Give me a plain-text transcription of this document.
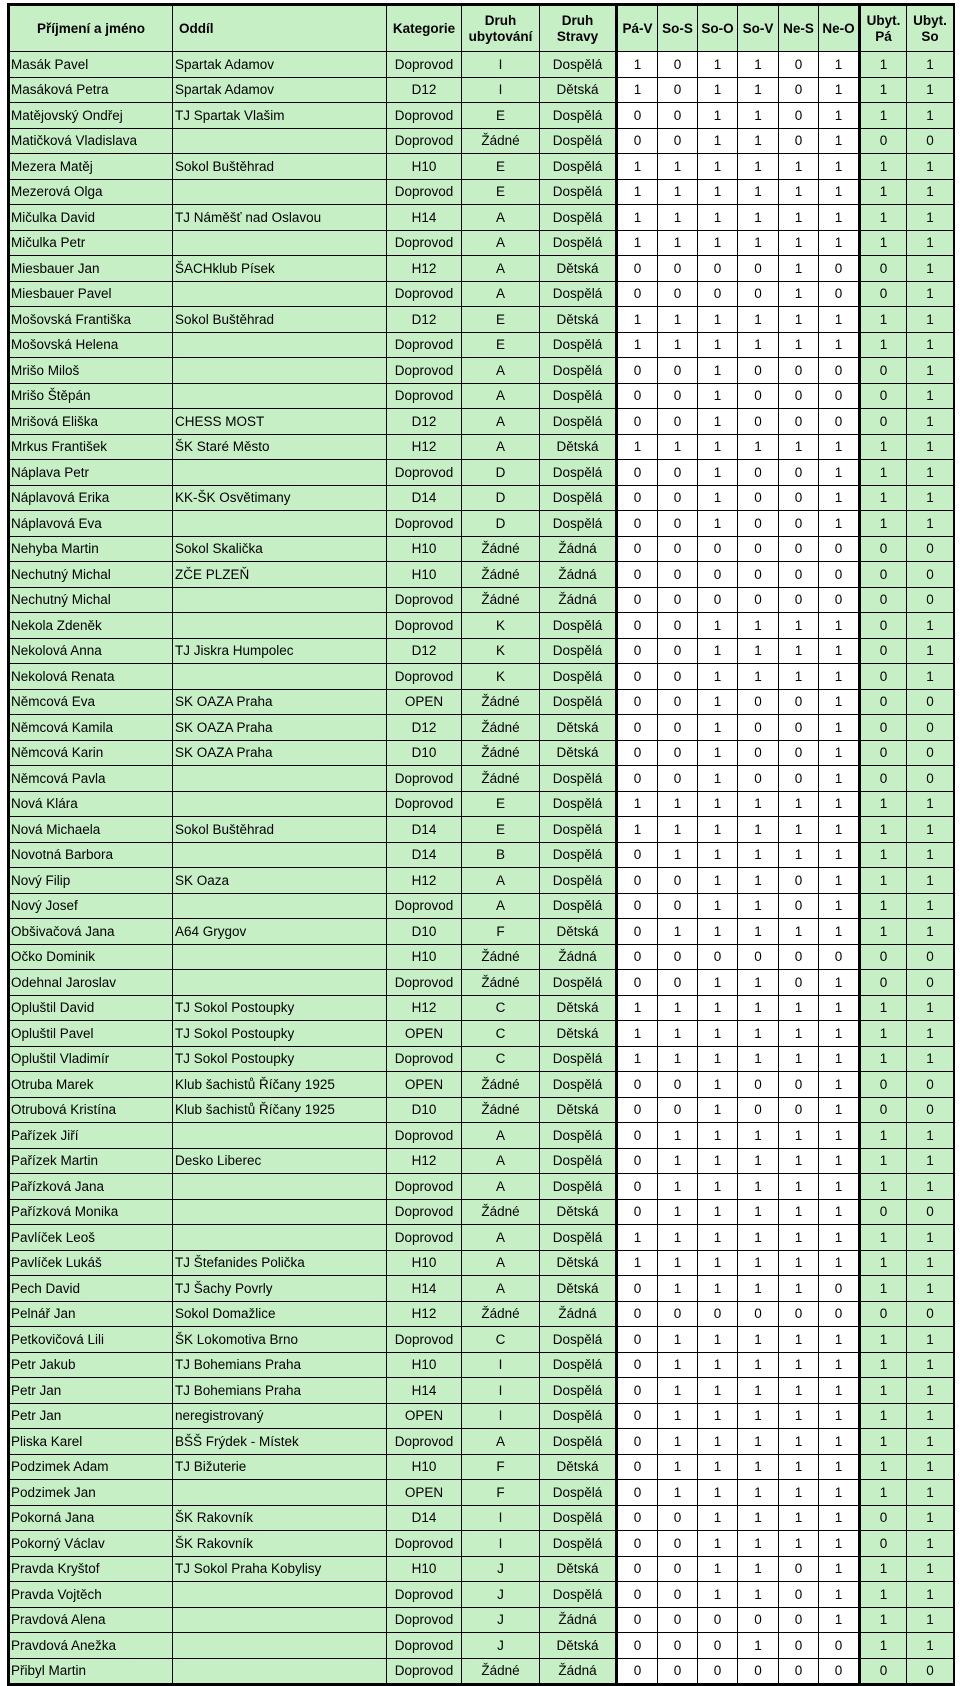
Příjmení a jméno	Oddíl	Kategorie	Druh ubytování	Druh Stravy	Pá-V	So-S	So-O	So-V	Ne-S	Ne-O	Ubyt. Pá	Ubyt. So
Masák Pavel	Spartak Adamov	Doprovod	I	Dospělá	1	0	1	1	0	1	1	1
Masáková Petra	Spartak Adamov	D12	I	Dětská	1	0	1	1	0	1	1	1
Matějovský Ondřej	TJ Spartak Vlašim	Doprovod	E	Dospělá	0	0	1	1	0	1	1	1
Matičková Vladislava		Doprovod	Žádné	Dospělá	0	0	1	1	0	1	0	0
Mezera Matěj	Sokol Buštěhrad	H10	E	Dospělá	1	1	1	1	1	1	1	1
Mezerová Olga		Doprovod	E	Dospělá	1	1	1	1	1	1	1	1
Mičulka David	TJ Náměšť nad Oslavou	H14	A	Dospělá	1	1	1	1	1	1	1	1
Mičulka Petr		Doprovod	A	Dospělá	1	1	1	1	1	1	1	1
Miesbauer Jan	ŠACHklub Písek	H12	A	Dětská	0	0	0	0	1	0	0	1
Miesbauer Pavel		Doprovod	A	Dospělá	0	0	0	0	1	0	0	1
Mošovská Františka	Sokol Buštěhrad	D12	E	Dětská	1	1	1	1	1	1	1	1
Mošovská Helena		Doprovod	E	Dospělá	1	1	1	1	1	1	1	1
Mrišo Miloš		Doprovod	A	Dospělá	0	0	1	0	0	0	0	1
Mrišo Štěpán		Doprovod	A	Dospělá	0	0	1	0	0	0	0	1
Mrišová Eliška	CHESS MOST	D12	A	Dospělá	0	0	1	0	0	0	0	1
Mrkus František	ŠK Staré Město	H12	A	Dětská	1	1	1	1	1	1	1	1
Náplava Petr		Doprovod	D	Dospělá	0	0	1	0	0	1	1	1
Náplavová Erika	KK-ŠK Osvětimany	D14	D	Dospělá	0	0	1	0	0	1	1	1
Náplavová Eva		Doprovod	D	Dospělá	0	0	1	0	0	1	1	1
Nehyba Martin	Sokol Skalička	H10	Žádné	Žádná	0	0	0	0	0	0	0	0
Nechutný Michal	ZČE PLZEŇ	H10	Žádné	Žádná	0	0	0	0	0	0	0	0
Nechutný Michal		Doprovod	Žádné	Žádná	0	0	0	0	0	0	0	0
Nekola Zdeněk		Doprovod	K	Dospělá	0	0	1	1	1	1	0	1
Nekolová Anna	TJ Jiskra Humpolec	D12	K	Dospělá	0	0	1	1	1	1	0	1
Nekolová Renata		Doprovod	K	Dospělá	0	0	1	1	1	1	0	1
Němcová Eva	SK OAZA Praha	OPEN	Žádné	Dospělá	0	0	1	0	0	1	0	0
Němcová Kamila	SK OAZA Praha	D12	Žádné	Dětská	0	0	1	0	0	1	0	0
Němcová Karin	SK OAZA Praha	D10	Žádné	Dětská	0	0	1	0	0	1	0	0
Němcová Pavla		Doprovod	Žádné	Dospělá	0	0	1	0	0	1	0	0
Nová Klára		Doprovod	E	Dospělá	1	1	1	1	1	1	1	1
Nová Michaela	Sokol Buštěhrad	D14	E	Dospělá	1	1	1	1	1	1	1	1
Novotná Barbora		D14	B	Dospělá	0	1	1	1	1	1	1	1
Nový Filip	SK Oaza	H12	A	Dospělá	0	0	1	1	0	1	1	1
Nový Josef		Doprovod	A	Dospělá	0	0	1	1	0	1	1	1
Obšivačová Jana	A64 Grygov	D10	F	Dětská	0	1	1	1	1	1	1	1
Očko Dominik		H10	Žádné	Žádná	0	0	0	0	0	0	0	0
Odehnal Jaroslav		Doprovod	Žádné	Dospělá	0	0	1	1	0	1	0	0
Opluštil David	TJ Sokol Postoupky	H12	C	Dětská	1	1	1	1	1	1	1	1
Opluštil Pavel	TJ Sokol Postoupky	OPEN	C	Dětská	1	1	1	1	1	1	1	1
Opluštil Vladimír	TJ Sokol Postoupky	Doprovod	C	Dospělá	1	1	1	1	1	1	1	1
Otruba Marek	Klub šachistů Říčany 1925	OPEN	Žádné	Dospělá	0	0	1	0	0	1	0	0
Otrubová Kristína	Klub šachistů Říčany 1925	D10	Žádné	Dětská	0	0	1	0	0	1	0	0
Pařízek Jiří		Doprovod	A	Dospělá	0	1	1	1	1	1	1	1
Pařízek Martin	Desko Liberec	H12	A	Dospělá	0	1	1	1	1	1	1	1
Pařízková Jana		Doprovod	A	Dospělá	0	1	1	1	1	1	1	1
Pařízková Monika		Doprovod	Žádné	Dětská	0	1	1	1	1	1	0	0
Pavlíček Leoš		Doprovod	A	Dospělá	1	1	1	1	1	1	1	1
Pavlíček Lukáš	TJ Štefanides Polička	H10	A	Dětská	1	1	1	1	1	1	1	1
Pech David	TJ Šachy Povrly	H14	A	Dětská	0	1	1	1	1	0	1	1
Pelnář Jan	Sokol Domažlice	H12	Žádné	Žádná	0	0	0	0	0	0	0	0
Petkovičová Lili	ŠK Lokomotiva Brno	Doprovod	C	Dospělá	0	1	1	1	1	1	1	1
Petr Jakub	TJ Bohemians Praha	H10	I	Dospělá	0	1	1	1	1	1	1	1
Petr Jan	TJ Bohemians Praha	H14	I	Dospělá	0	1	1	1	1	1	1	1
Petr Jan	neregistrovaný	OPEN	I	Dospělá	0	1	1	1	1	1	1	1
Pliska Karel	BŠŠ Frýdek - Místek	Doprovod	A	Dospělá	0	1	1	1	1	1	1	1
Podzimek Adam	TJ Bižuterie	H10	F	Dětská	0	1	1	1	1	1	1	1
Podzimek Jan		OPEN	F	Dospělá	0	1	1	1	1	1	1	1
Pokorná Jana	ŠK Rakovník	D14	I	Dospělá	0	0	1	1	1	1	0	1
Pokorný Václav	ŠK Rakovník	Doprovod	I	Dospělá	0	0	1	1	1	1	0	1
Pravda Kryštof	TJ Sokol Praha Kobylisy	H10	J	Dětská	0	0	1	1	0	1	1	1
Pravda Vojtěch		Doprovod	J	Dospělá	0	0	1	1	0	1	1	1
Pravdová Alena		Doprovod	J	Žádná	0	0	0	0	0	1	1	1
Pravdová Anežka		Doprovod	J	Dětská	0	0	0	1	0	0	1	1
Přibyl Martin		Doprovod	Žádné	Žádná	0	0	0	0	0	0	0	0
